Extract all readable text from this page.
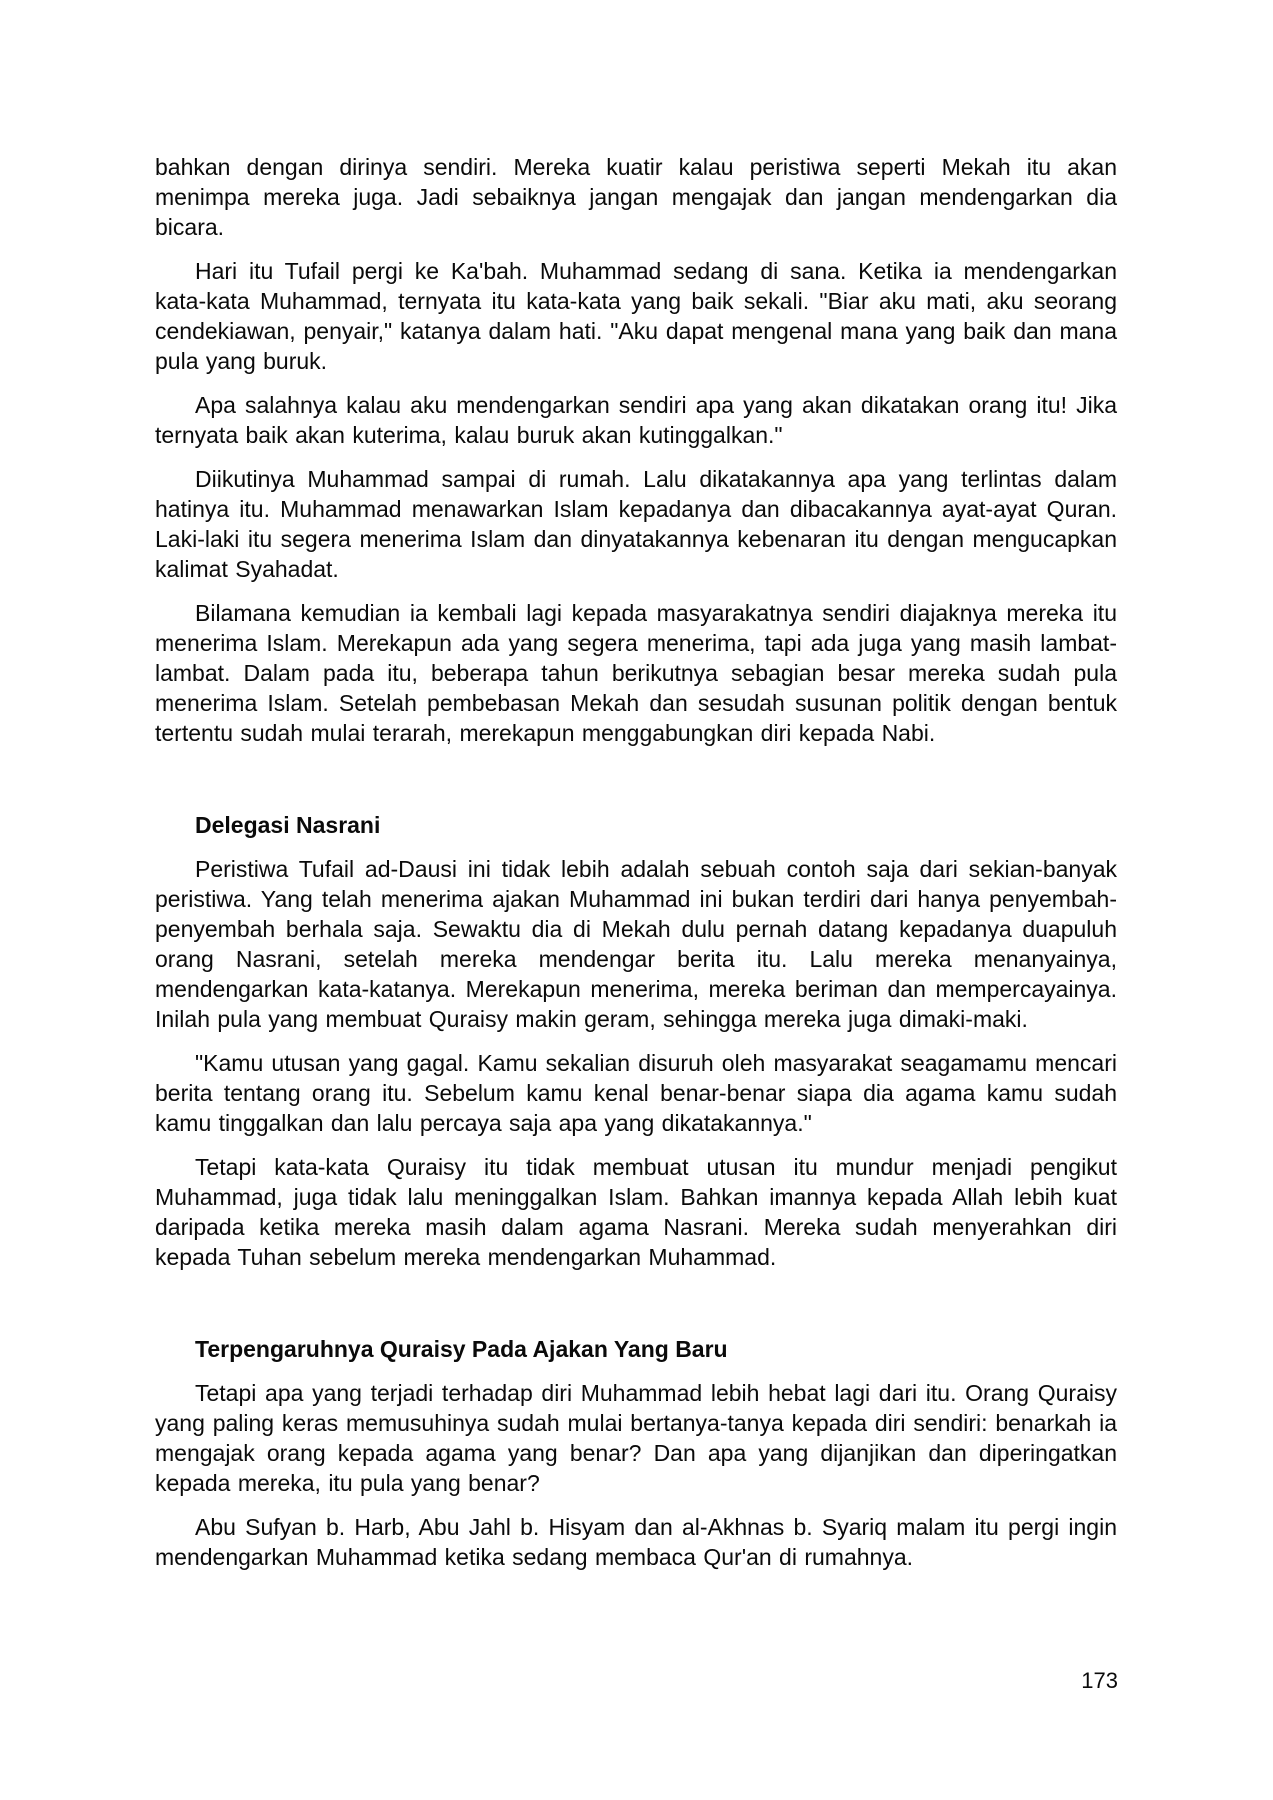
bahkan dengan dirinya sendiri. Mereka kuatir kalau peristiwa seperti Mekah itu akan menimpa mereka juga. Jadi sebaiknya jangan mengajak dan jangan mendengarkan dia bicara.

Hari itu Tufail pergi ke Ka'bah. Muhammad sedang di sana. Ketika ia mendengarkan kata-kata Muhammad, ternyata itu kata-kata yang baik sekali. "Biar aku mati, aku seorang cendekiawan, penyair," katanya dalam hati. "Aku dapat mengenal mana yang baik dan mana pula yang buruk.

Apa salahnya kalau aku mendengarkan sendiri apa yang akan dikatakan orang itu! Jika ternyata baik akan kuterima, kalau buruk akan kutinggalkan."

Diikutinya Muhammad sampai di rumah. Lalu dikatakannya apa yang terlintas dalam hatinya itu. Muhammad menawarkan Islam kepadanya dan dibacakannya ayat-ayat Quran. Laki-laki itu segera menerima Islam dan dinyatakannya kebenaran itu dengan mengucapkan kalimat Syahadat.

Bilamana kemudian ia kembali lagi kepada masyarakatnya sendiri diajaknya mereka itu menerima Islam. Merekapun ada yang segera menerima, tapi ada juga yang masih lambat-lambat. Dalam pada itu, beberapa tahun berikutnya sebagian besar mereka sudah pula menerima Islam. Setelah pembebasan Mekah dan sesudah susunan politik dengan bentuk tertentu sudah mulai terarah, merekapun menggabungkan diri kepada Nabi.

Delegasi Nasrani

Peristiwa Tufail ad-Dausi ini tidak lebih adalah sebuah contoh saja dari sekian-banyak peristiwa. Yang telah menerima ajakan Muhammad ini bukan terdiri dari hanya penyembah-penyembah berhala saja. Sewaktu dia di Mekah dulu pernah datang kepadanya duapuluh orang Nasrani, setelah mereka mendengar berita itu. Lalu mereka menanyainya, mendengarkan kata-katanya. Merekapun menerima, mereka beriman dan mempercayainya. Inilah pula yang membuat Quraisy makin geram, sehingga mereka juga dimaki-maki.

"Kamu utusan yang gagal. Kamu sekalian disuruh oleh masyarakat seagamamu mencari berita tentang orang itu. Sebelum kamu kenal benar-benar siapa dia agama kamu sudah kamu tinggalkan dan lalu percaya saja apa yang dikatakannya."

Tetapi kata-kata Quraisy itu tidak membuat utusan itu mundur menjadi pengikut Muhammad, juga tidak lalu meninggalkan Islam. Bahkan imannya kepada Allah lebih kuat daripada ketika mereka masih dalam agama Nasrani. Mereka sudah menyerahkan diri kepada Tuhan sebelum mereka mendengarkan Muhammad.

Terpengaruhnya Quraisy Pada Ajakan Yang Baru

Tetapi apa yang terjadi terhadap diri Muhammad lebih hebat lagi dari itu. Orang Quraisy yang paling keras memusuhinya sudah mulai bertanya-tanya kepada diri sendiri: benarkah ia mengajak orang kepada agama yang benar? Dan apa yang dijanjikan dan diperingatkan kepada mereka, itu pula yang benar?

Abu Sufyan b. Harb, Abu Jahl b. Hisyam dan al-Akhnas b. Syariq malam itu pergi ingin mendengarkan Muhammad ketika sedang membaca Qur'an di rumahnya.

173
